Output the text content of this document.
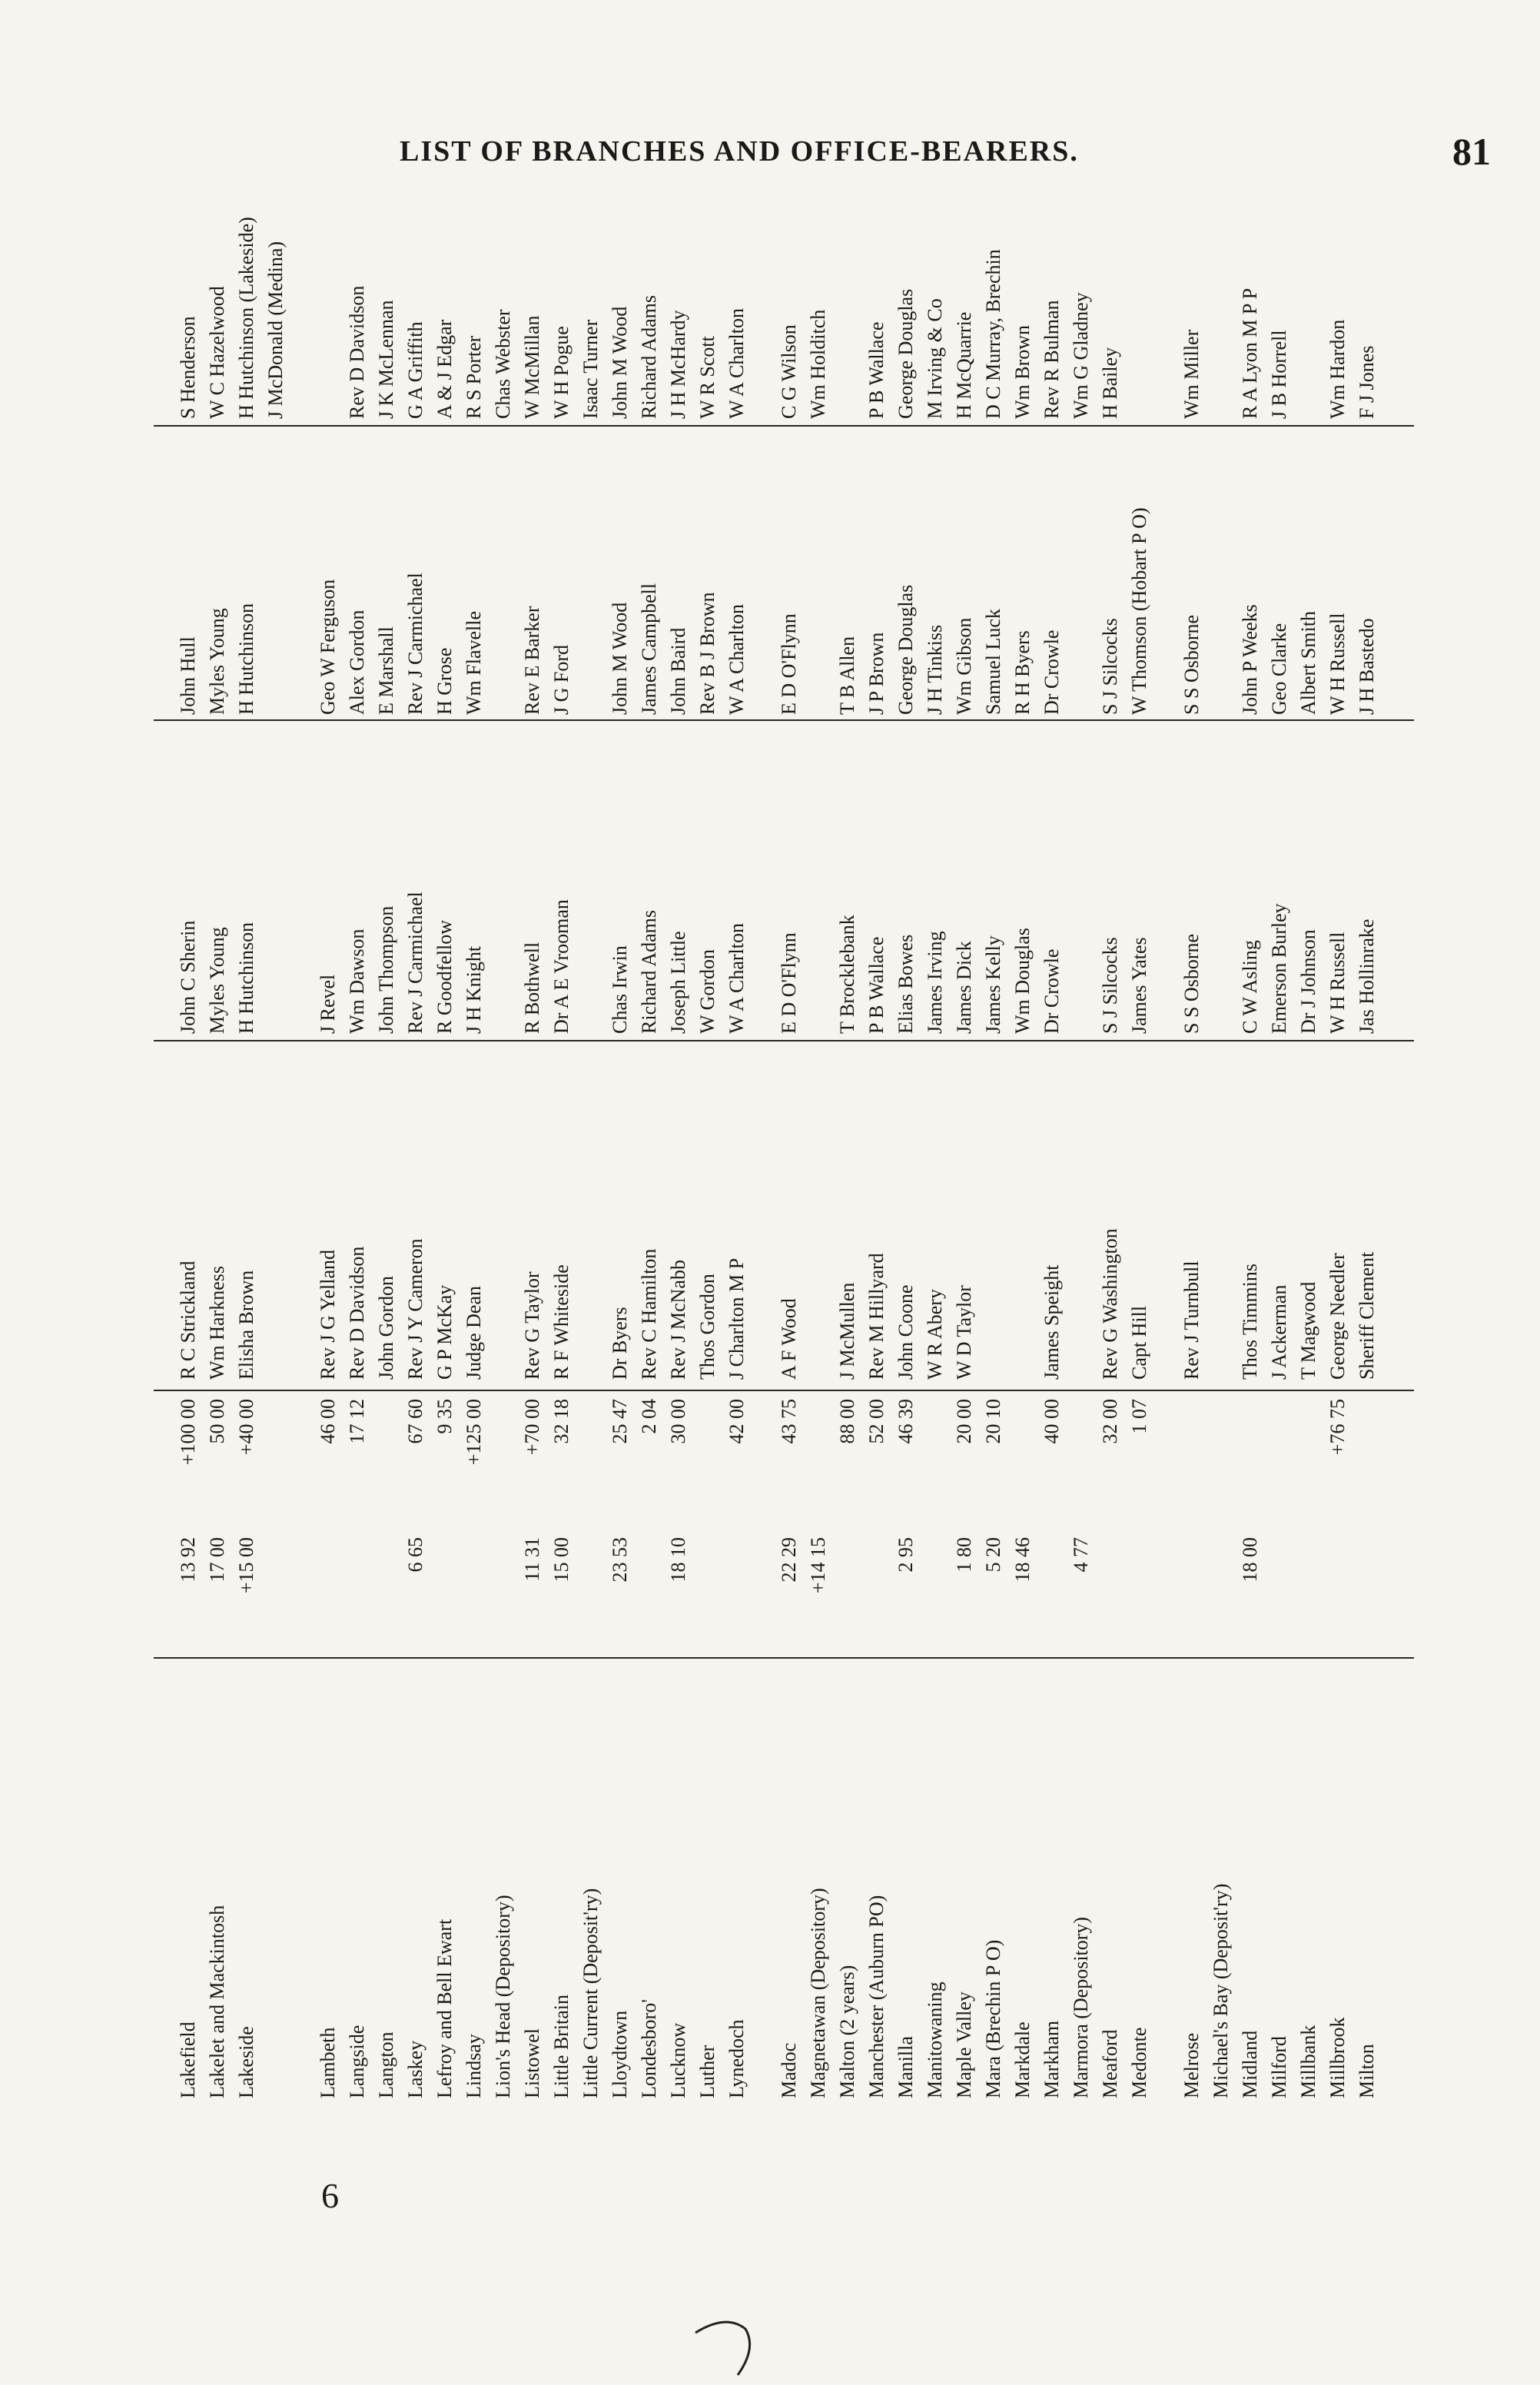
LIST OF BRANCHES AND OFFICE-BEARERS.	81
Lakefield
13 92
+100 00
R C Strickland
John C Sherin
John Hull
S Henderson
Lakelet and Mackintosh
17 00
50 00
Wm Harkness
Myles Young
Myles Young
W C Hazelwood
Lakeside
+15 00
+40 00
Elisha Brown
H Hutchinson
H Hutchinson
H Hutchinson (Lakeside) J McDonald (Medina)
Lambeth
46 00
Rev J G Yelland
J Revel
Geo W Ferguson
Langside
17 12
Rev D Davidson
Wm Dawson
Alex Gordon
Rev D Davidson
Langton
John Gordon
John Thompson
E Marshall
J K McLennan
Laskey
6 65
67 60
Rev J Y Cameron
Rev J Carmichael
Rev J Carmichael
G A Griffith
Lefroy and Bell Ewart
9 35
G P McKay
R Goodfellow
H Grose
A & J Edgar
Lindsay
+125 00
Judge Dean
J H Knight
Wm Flavelle
R S Porter
Lion's Head (Depository)
Chas Webster
Listowel
11 31
+70 00
Rev G Taylor
R Bothwell
Rev E Barker
W McMillan
Little Britain
15 00
32 18
R F Whiteside
Dr A E Vrooman
J G Ford
W H Pogue
Little Current (Deposit'ry)
Isaac Turner
Lloydtown
23 53
25 47
Dr Byers
Chas Irwin
John M Wood
John M Wood
Londesboro'
2 04
Rev C Hamilton
Richard Adams
James Campbell
Richard Adams
Lucknow
18 10
30 00
Rev J McNabb
Joseph Little
John Baird
J H McHardy
Luther
Thos Gordon
W Gordon
Rev B J Brown
W R Scott
Lynedoch
42 00
J Charlton M P
W A Charlton
W A Charlton
W A Charlton
Madoc
22 29
43 75
A F Wood
E D O'Flynn
E D O'Flynn
C G Wilson
Magnetawan (Depository)
+14 15
Wm Holditch
Malton (2 years)
88 00
J McMullen
T Brocklebank
T B Allen
Manchester (Auburn PO)
52 00
Rev M Hillyard
P B Wallace
J P Brown
P B Wallace
Manilla
2 95
46 39
John Coone
Elias Bowes
George Douglas
George Douglas
Manitowaning
W R Abery
James Irving
J H Tinkiss
M Irving & Co
Maple Valley
1 80
20 00
W D Taylor
James Dick
Wm Gibson
H McQuarrie
Mara (Brechin P O)
5 20
20 10
James Kelly
Samuel Luck
D C Murray, Brechin
Markdale
18 46
Wm Douglas
R H Byers
Wm Brown
Markham
40 00
James Speight
Dr Crowle
Dr Crowle
Rev R Bulman
Marmora (Depository)
4 77
Wm G Gladney
Meaford
32 00
Rev G Washington
S J Silcocks
S J Silcocks
H Bailey
Medonte
1 07
Capt Hill
James Yates
W Thomson (Hobart P O)
Melrose
Rev J Turnbull
S S Osborne
S S Osborne
Wm Miller
Michael's Bay (Deposit'ry) Midland
18 00
Thos Timmins
C W Asling
John P Weeks
R A Lyon M P P
Milford
J Ackerman
Emerson Burley
Geo Clarke
J B Horrell
Millbank
T Magwood
Dr J Johnson
Albert Smith
Millbrook
+76 75
George Needler
W H Russell
W H Russell
Wm Hardon
Milton
Sheriff Clement
Jas Hollinrake
J H Bastedo
F J Jones
6
